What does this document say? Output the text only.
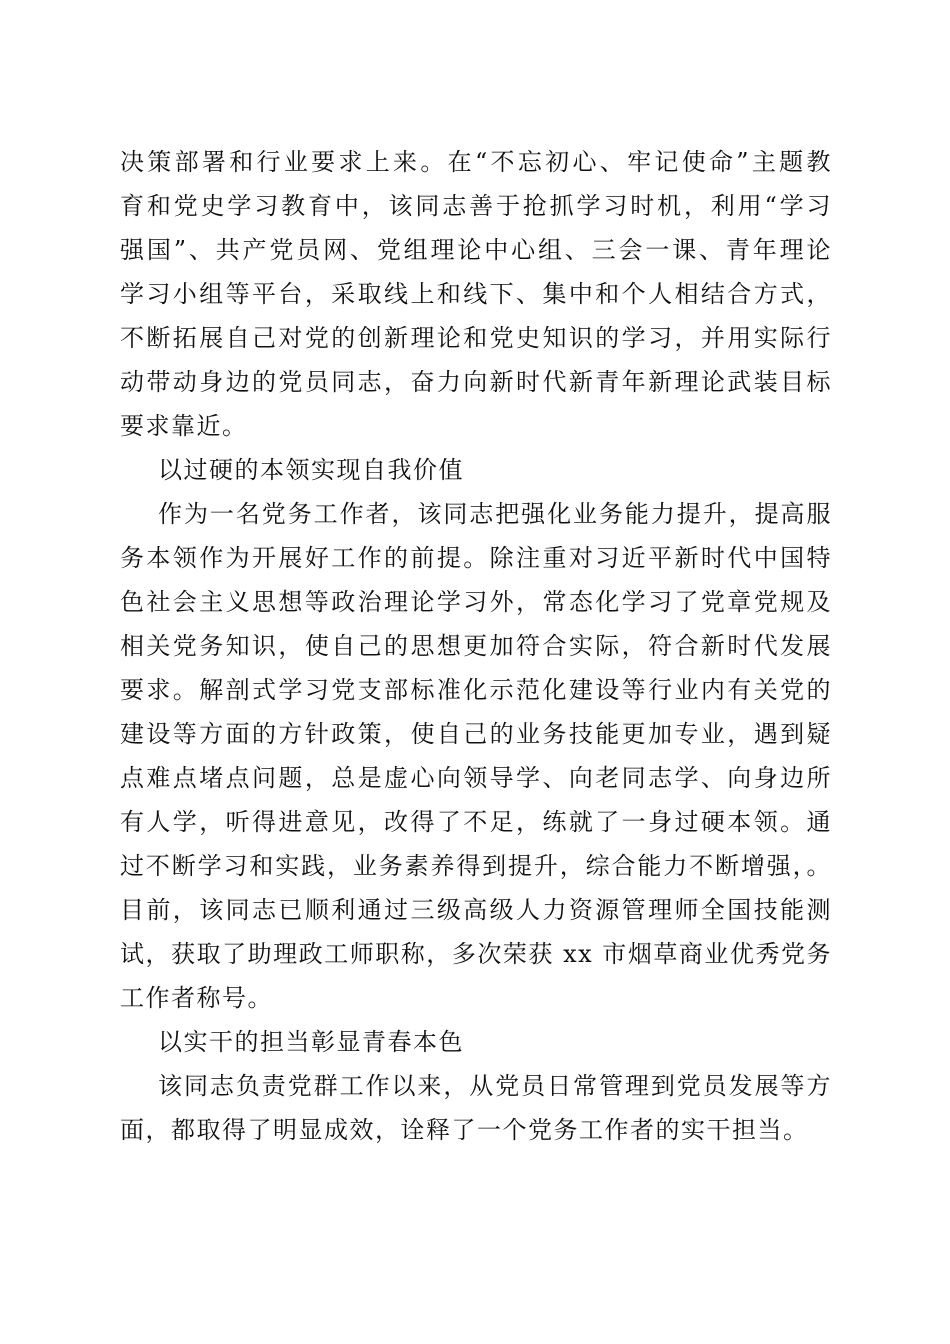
决策部署和行业要求上来。在“不忘初心、牢记使命”主题教
育和党史学习教育中，该同志善于抢抓学习时机，利用“学习
强国”、共产党员网、党组理论中心组、三会一课、青年理论
学习小组等平台，采取线上和线下、集中和个人相结合方式，
不断拓展自己对党的创新理论和党史知识的学习，并用实际行
动带动身边的党员同志，奋力向新时代新青年新理论武装目标
要求靠近。
以过硬的本领实现自我价值
作为一名党务工作者，该同志把强化业务能力提升，提高服
务本领作为开展好工作的前提。除注重对习近平新时代中国特
色社会主义思想等政治理论学习外，常态化学习了党章党规及
相关党务知识，使自己的思想更加符合实际，符合新时代发展
要求。解剖式学习党支部标准化示范化建设等行业内有关党的
建设等方面的方针政策，使自己的业务技能更加专业，遇到疑
点难点堵点问题，总是虚心向领导学、向老同志学、向身边所
有人学，听得进意见，改得了不足，练就了一身过硬本领。通
过不断学习和实践，业务素养得到提升，综合能力不断增强，。
目前，该同志已顺利通过三级高级人力资源管理师全国技能测
试，获取了助理政工师职称，多次荣获 xx 市烟草商业优秀党务
工作者称号。
以实干的担当彰显青春本色
该同志负责党群工作以来，从党员日常管理到党员发展等方
面，都取得了明显成效，诠释了一个党务工作者的实干担当。
